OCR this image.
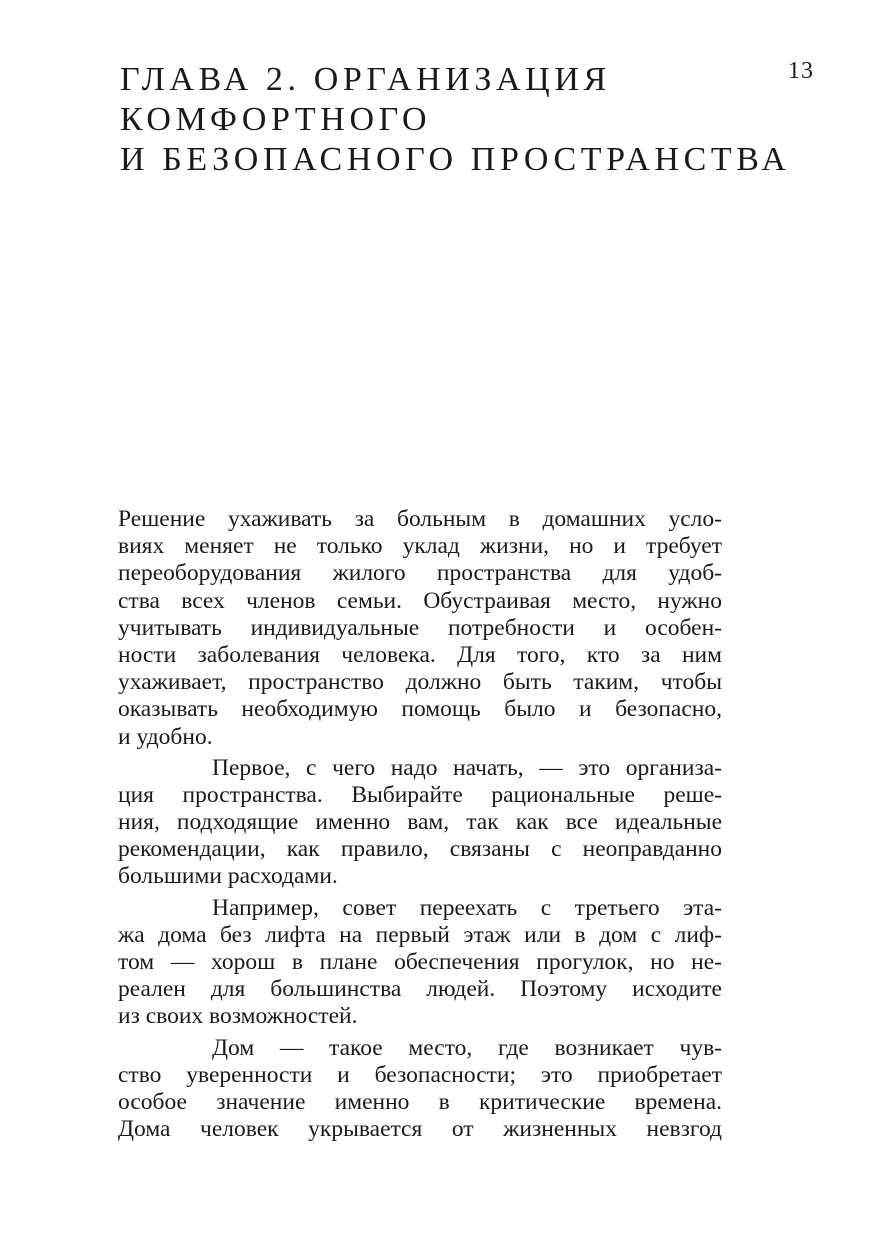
13
ГЛАВА 2. ОРГАНИЗАЦИЯ
КОМФОРТНОГО
И БЕЗОПАСНОГО ПРОСТРАНСТВА
Решение ухаживать за больным в домашних усло-
виях меняет не только уклад жизни, но и требует
переоборудования жилого пространства для удоб-
ства всех членов семьи. Обустраивая место, нужно
учитывать индивидуальные потребности и особен-
ности заболевания человека. Для того, кто за ним
ухаживает, пространство должно быть таким, чтобы
оказывать необходимую помощь было и безопасно,
и удобно.
Первое, с чего надо начать, — это организа-
ция пространства. Выбирайте рациональные реше-
ния, подходящие именно вам, так как все идеальные
рекомендации, как правило, связаны с неоправданно
большими расходами.
Например, совет переехать с третьего эта-
жа дома без лифта на первый этаж или в дом с лиф-
том — хорош в плане обеспечения прогулок, но не-
реален для большинства людей. Поэтому исходите
из своих возможностей.
Дом — такое место, где возникает чув-
ство уверенности и безопасности; это приобретает
особое значение именно в критические времена.
Дома человек укрывается от жизненных невзгод
